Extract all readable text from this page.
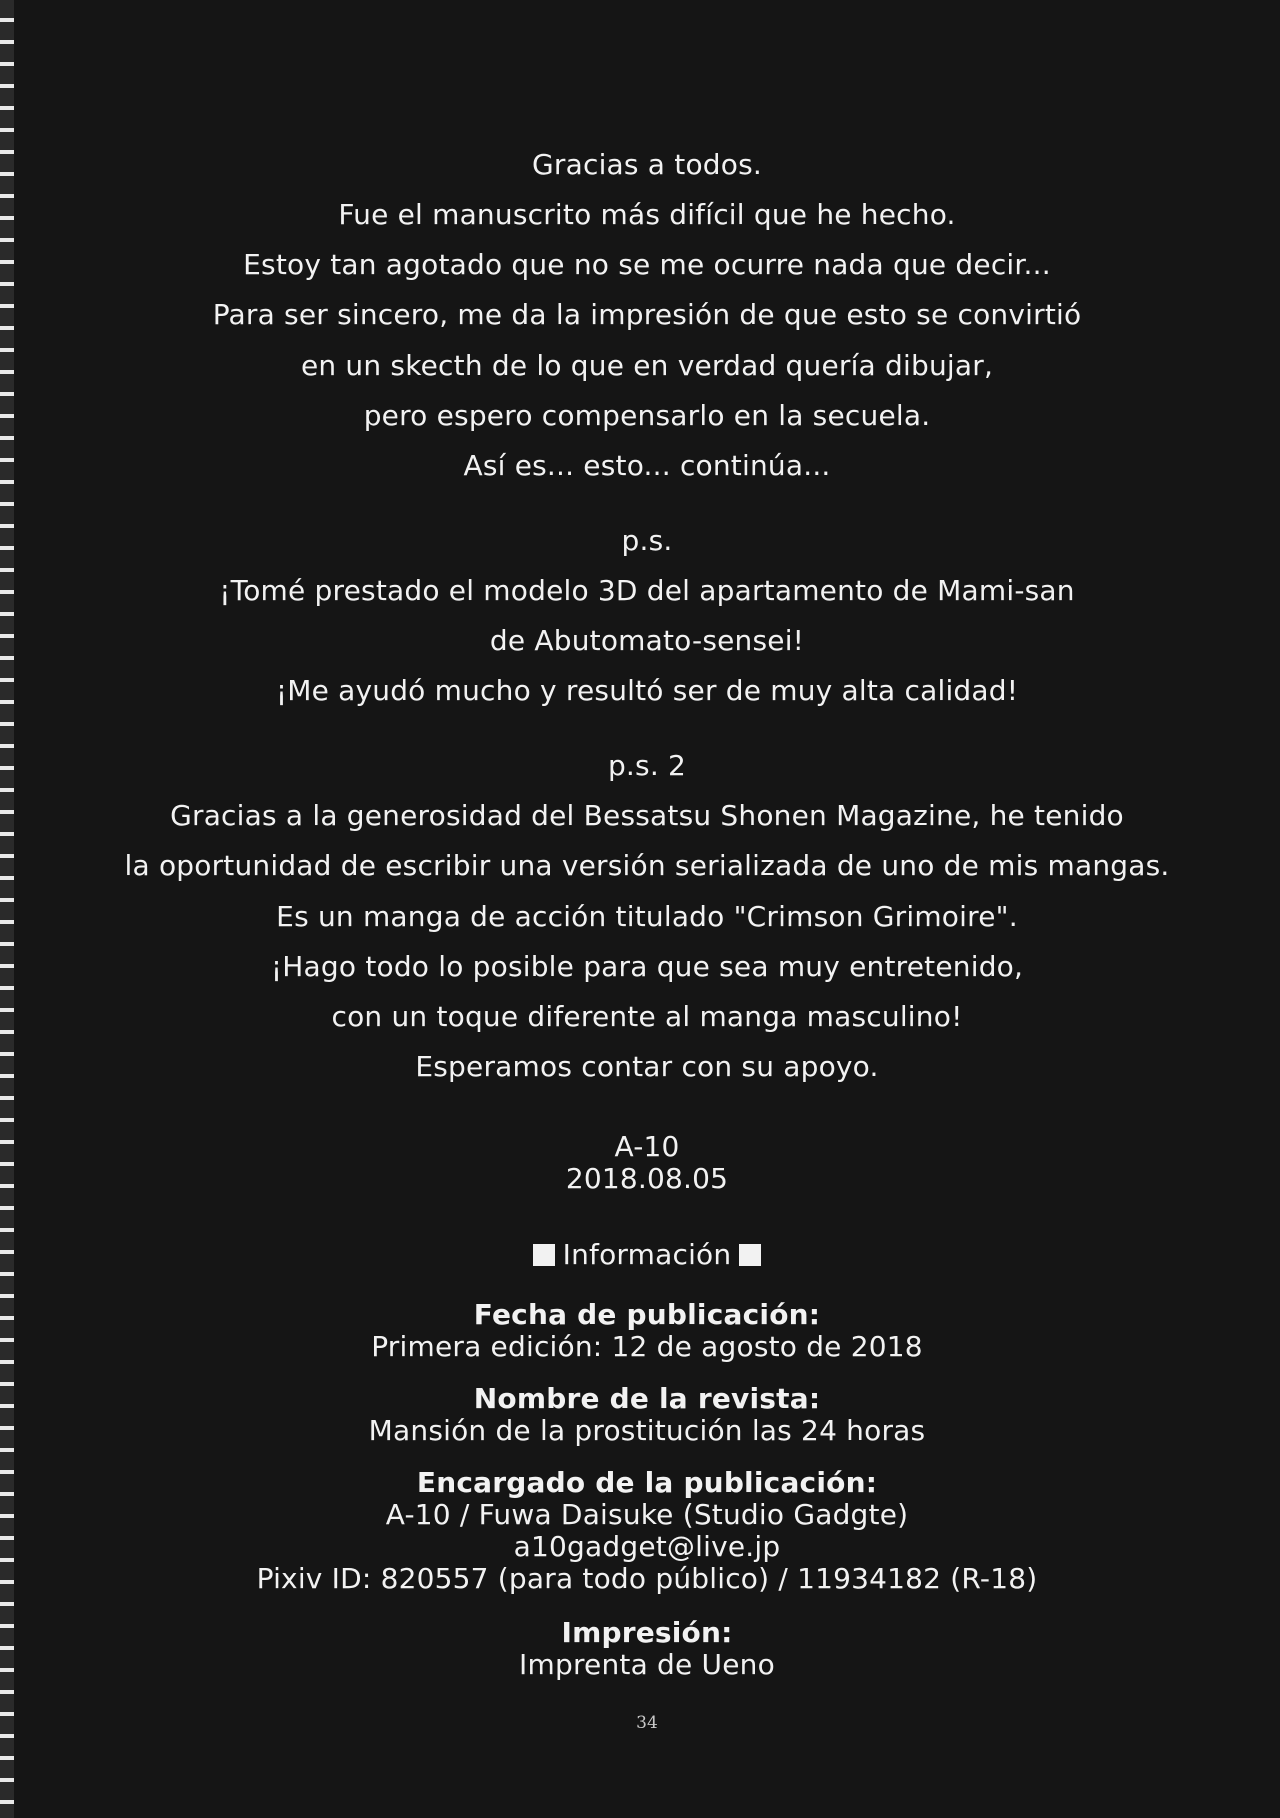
Gracias a todos.
Fue el manuscrito más difícil que he hecho.
Estoy tan agotado que no se me ocurre nada que decir...
Para ser sincero, me da la impresión de que esto se convirtió
en un skecth de lo que en verdad quería dibujar,
pero espero compensarlo en la secuela.
Así es... esto... continúa...
p.s.
¡Tomé prestado el modelo 3D del apartamento de Mami-san
de Abutomato-sensei!
¡Me ayudó mucho y resultó ser de muy alta calidad!
p.s. 2
Gracias a la generosidad del Bessatsu Shonen Magazine, he tenido
la oportunidad de escribir una versión serializada de uno de mis mangas.
Es un manga de acción titulado "Crimson Grimoire".
¡Hago todo lo posible para que sea muy entretenido,
con un toque diferente al manga masculino!
Esperamos contar con su apoyo.
A-10
2018.08.05
Información
Fecha de publicación:
Primera edición: 12 de agosto de 2018
Nombre de la revista:
Mansión de la prostitución las 24 horas
Encargado de la publicación:
A-10 / Fuwa Daisuke (Studio Gadgte)
a10gadget@live.jp
Pixiv ID: 820557 (para todo público) / 11934182 (R-18)
Impresión:
Imprenta de Ueno
34
